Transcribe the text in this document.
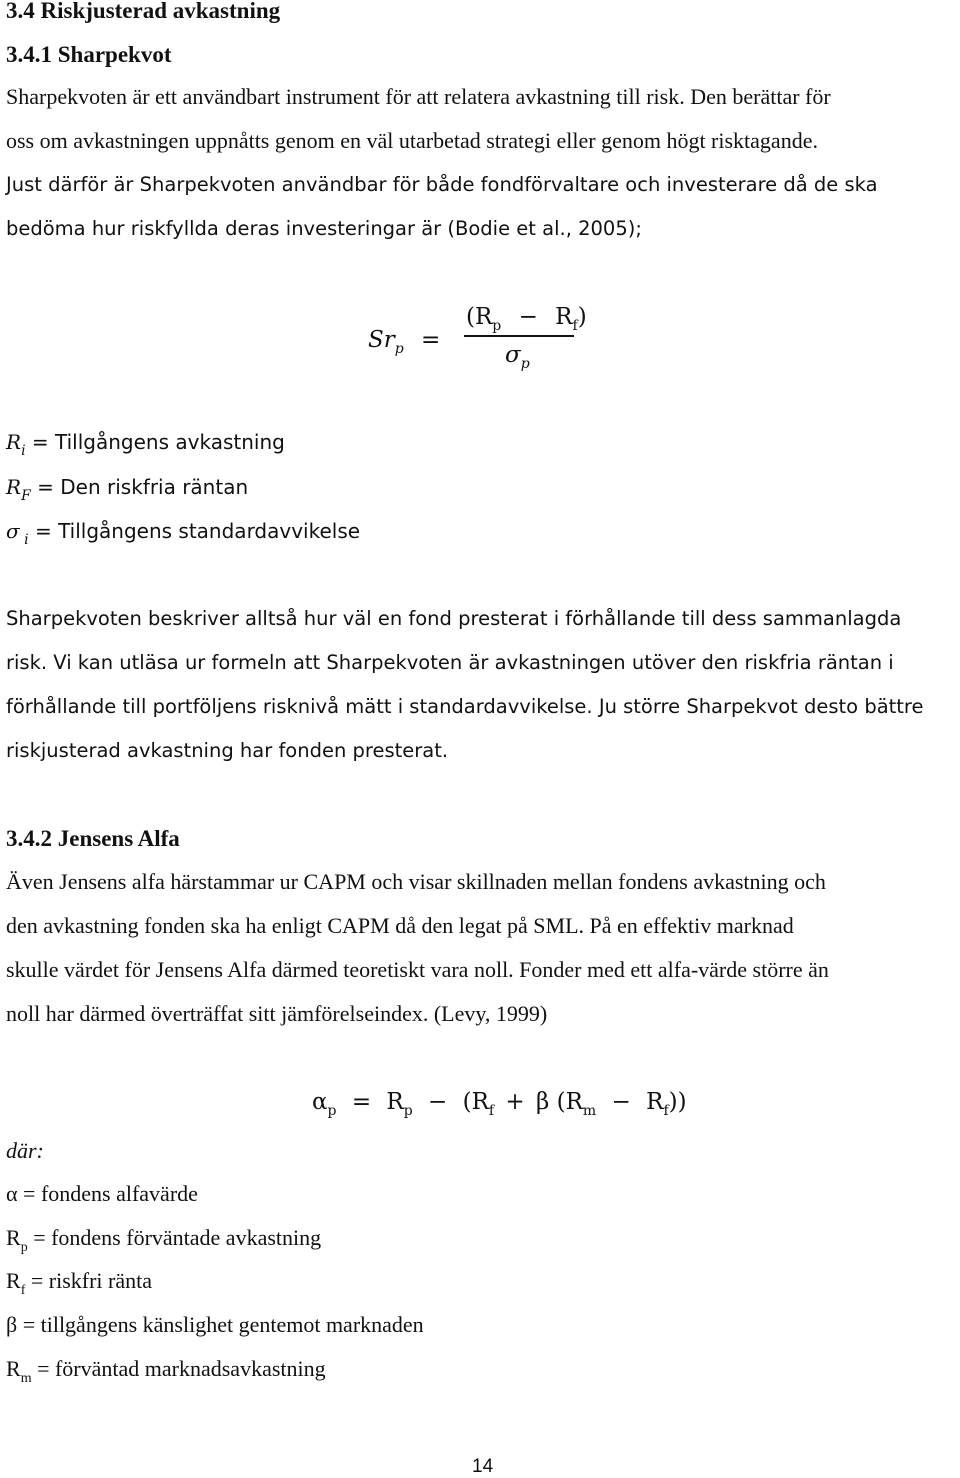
3.4 Riskjusterad avkastning
3.4.1 Sharpekvot
Sharpekvoten är ett användbart instrument för att relatera avkastning till risk. Den berättar för
oss om avkastningen uppnåtts genom en väl utarbetad strategi eller genom högt risktagande.
Just därför är Sharpekvoten användbar för både fondförvaltare och investerare då de ska
bedöma hur riskfyllda deras investeringar är (Bodie et al., 2005);
$Sr_p$ =
$(R_p - R_f)$
$\sigma_p$
$R_i$ = Tillgångens avkastning
$R_F$ = Den riskfria räntan
σ $_i$ = Tillgångens standardavvikelse
Sharpekvoten beskriver alltså hur väl en fond presterat i förhållande till dess sammanlagda
risk. Vi kan utläsa ur formeln att Sharpekvoten är avkastningen utöver den riskfria räntan i
förhållande till portföljens risknivå mätt i standardavvikelse. Ju större Sharpekvot desto bättre
riskjusterad avkastning har fonden presterat.
3.4.2 Jensens Alfa
Även Jensens alfa härstammar ur CAPM och visar skillnaden mellan fondens avkastning och
den avkastning fonden ska ha enligt CAPM då den legat på SML. På en effektiv marknad
skulle värdet för Jensens Alfa därmed teoretiskt vara noll. Fonder med ett alfa-värde större än
noll har därmed överträffat sitt jämförelseindex. (Levy, 1999)
$\alpha_p = R_p - (R_f + \beta$ $(R_m - R_f)$)
där:
α = fondens alfavärde
$R_p$ = fondens förväntade avkastning
$R_f$ = riskfri ränta
β = tillgångens känslighet gentemot marknaden
$R_m$ = förväntad marknadsavkastning
14
